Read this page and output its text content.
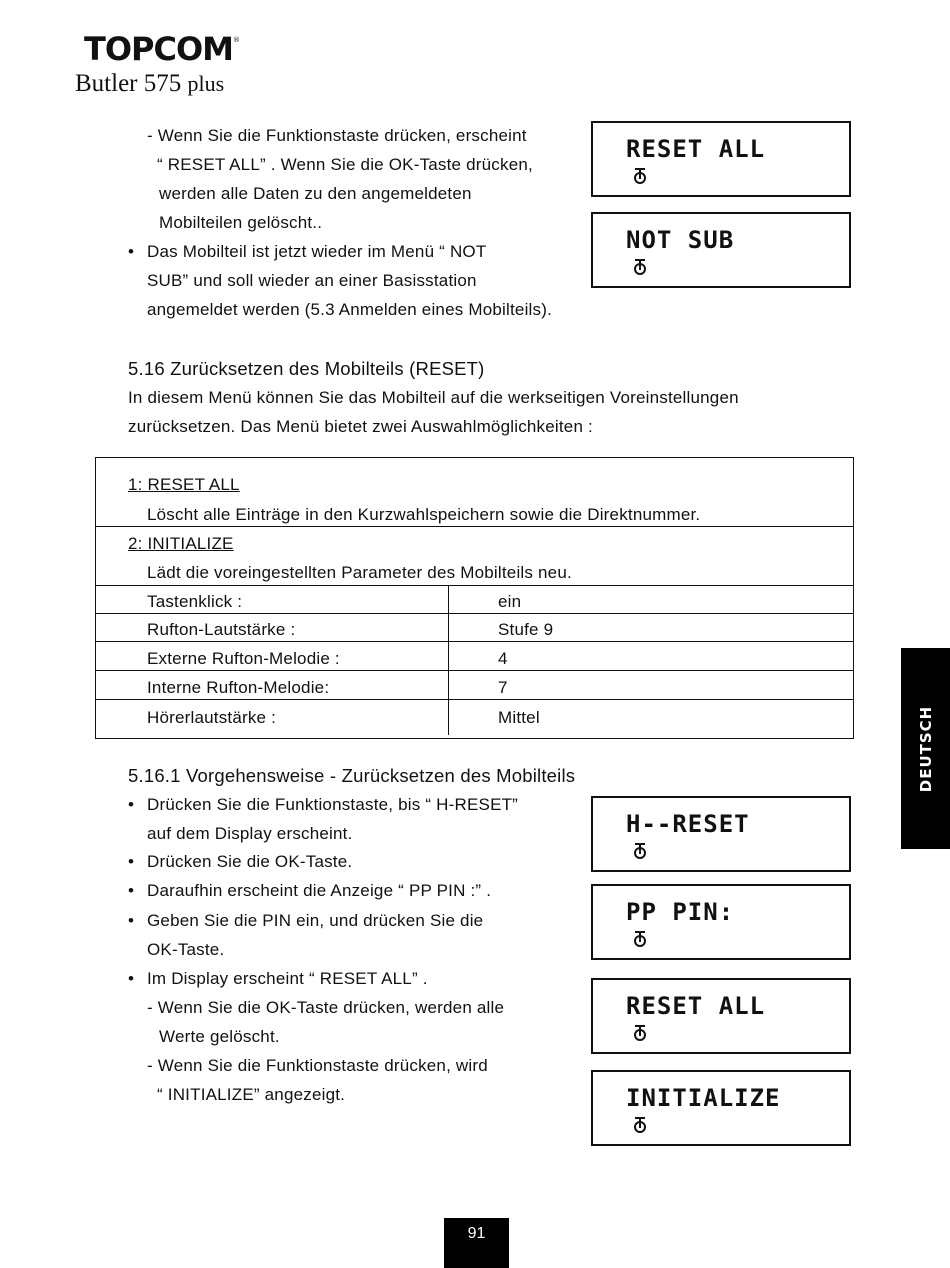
TOPCOM®
Butler 575 plus
- Wenn Sie die Funktionstaste drücken, erscheint
“ RESET ALL” . Wenn Sie die OK-Taste drücken,
werden alle Daten zu den angemeldeten
Mobilteilen gelöscht..
• Das Mobilteil ist jetzt wieder im Menü “ NOT
SUB” und soll wieder an einer Basisstation
angemeldet werden (5.3 Anmelden eines Mobilteils).
RESET ALL
NOT SUB
5.16 Zurücksetzen des Mobilteils (RESET)
In diesem Menü können Sie das Mobilteil auf die werkseitigen Voreinstellungen
zurücksetzen. Das Menü bietet zwei Auswahlmöglichkeiten :
1: RESET ALL
Löscht alle Einträge in den Kurzwahlspeichern sowie die Direktnummer.
2: INITIALIZE
Lädt die voreingestellten Parameter des Mobilteils neu.
Tastenklick :	ein
Rufton-Lautstärke :	Stufe 9
Externe Rufton-Melodie :	4
Interne Rufton-Melodie:	7
Hörerlautstärke :	Mittel
5.16.1 Vorgehensweise - Zurücksetzen des Mobilteils
• Drücken Sie die Funktionstaste, bis “ H-RESET”
auf dem Display erscheint.
• Drücken Sie die OK-Taste.
• Daraufhin erscheint die Anzeige “ PP PIN :” .
• Geben Sie die PIN ein, und drücken Sie die
OK-Taste.
• Im Display erscheint “ RESET ALL” .
- Wenn Sie die OK-Taste drücken, werden alle
Werte gelöscht.
- Wenn Sie die Funktionstaste drücken, wird
“ INITIALIZE” angezeigt.
H--RESET
PP PIN:
RESET ALL
INITIALIZE
DEUTSCH
91
